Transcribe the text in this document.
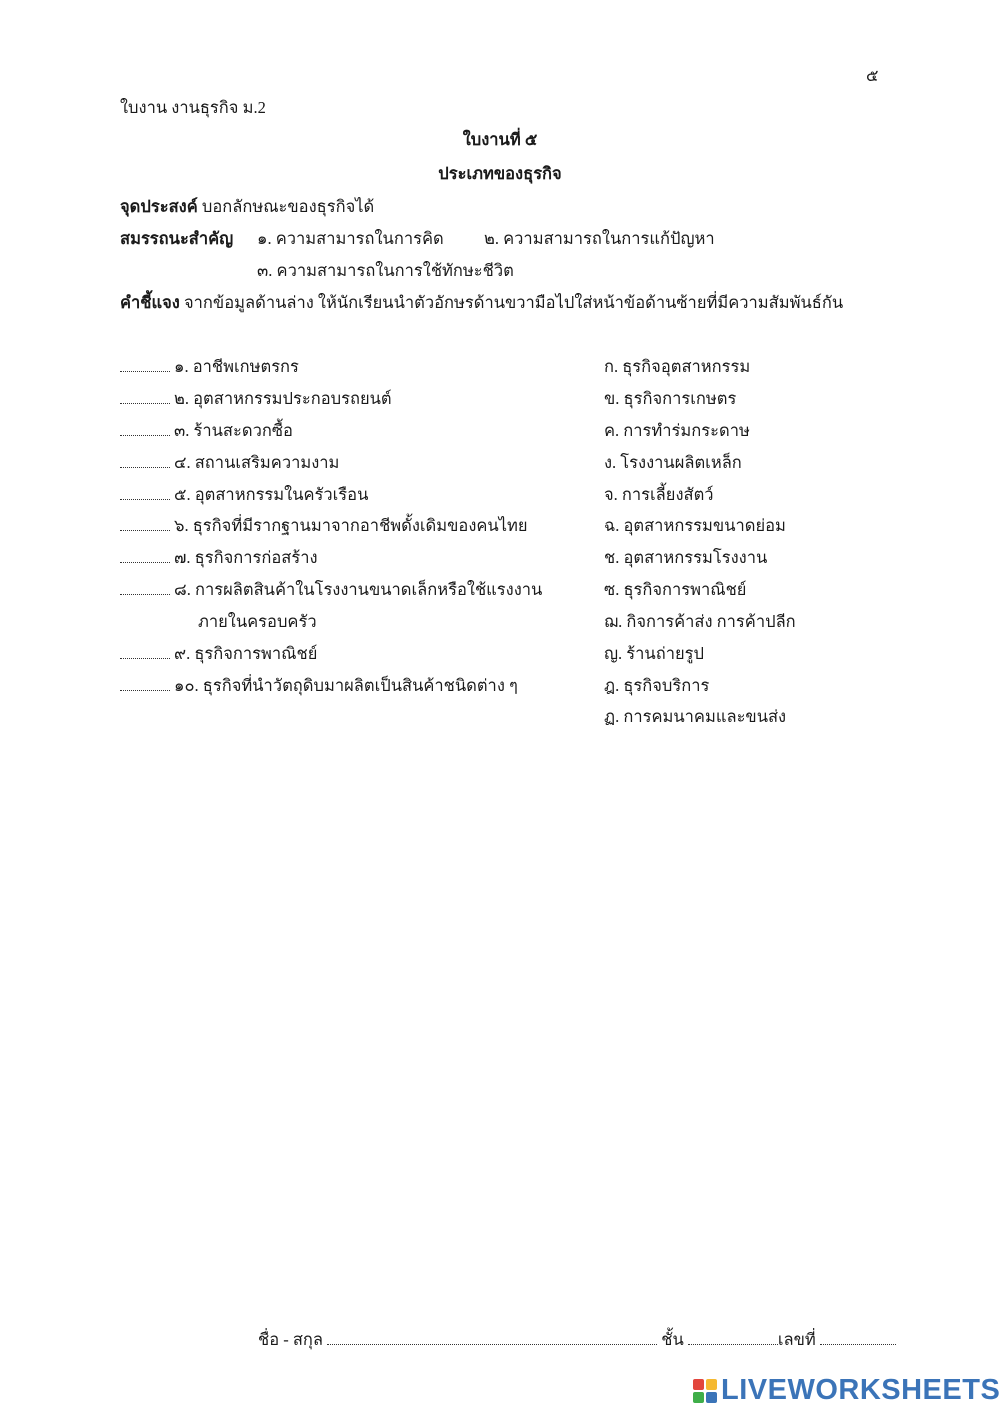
๕
ใบงาน งานธุรกิจ ม.2
ใบงานที่ ๕
ประเภทของธุรกิจ
จุดประสงค์ บอกลักษณะของธุรกิจได้
สมรรถนะสำคัญ ๑. ความสามารถในการคิด ๒. ความสามารถในการแก้ปัญหา
๓. ความสามารถในการใช้ทักษะชีวิต
คำชี้แจง จากข้อมูลด้านล่าง ให้นักเรียนนำตัวอักษรด้านขวามือไปใส่หน้าข้อด้านซ้ายที่มีความสัมพันธ์กัน
๑. อาชีพเกษตรกร
๒. อุตสาหกรรมประกอบรถยนต์
๓. ร้านสะดวกซื้อ
๔. สถานเสริมความงาม
๕. อุตสาหกรรมในครัวเรือน
๖. ธุรกิจที่มีรากฐานมาจากอาชีพดั้งเดิมของคนไทย
๗. ธุรกิจการก่อสร้าง
๘. การผลิตสินค้าในโรงงานขนาดเล็กหรือใช้แรงงาน
ภายในครอบครัว
๙. ธุรกิจการพาณิชย์
๑๐. ธุรกิจที่นำวัตถุดิบมาผลิตเป็นสินค้าชนิดต่าง ๆ
ก. ธุรกิจอุตสาหกรรม
ข. ธุรกิจการเกษตร
ค. การทำร่มกระดาษ
ง. โรงงานผลิตเหล็ก
จ. การเลี้ยงสัตว์
ฉ. อุตสาหกรรมขนาดย่อม
ช. อุตสาหกรรมโรงงาน
ซ. ธุรกิจการพาณิชย์
ฌ. กิจการค้าส่ง การค้าปลีก
ญ. ร้านถ่ายรูป
ฎ. ธุรกิจบริการ
ฏ. การคมนาคมและขนส่ง
ชื่อ - สกุล	ชั้น	เลขที่
LIVEWORKSHEETS
